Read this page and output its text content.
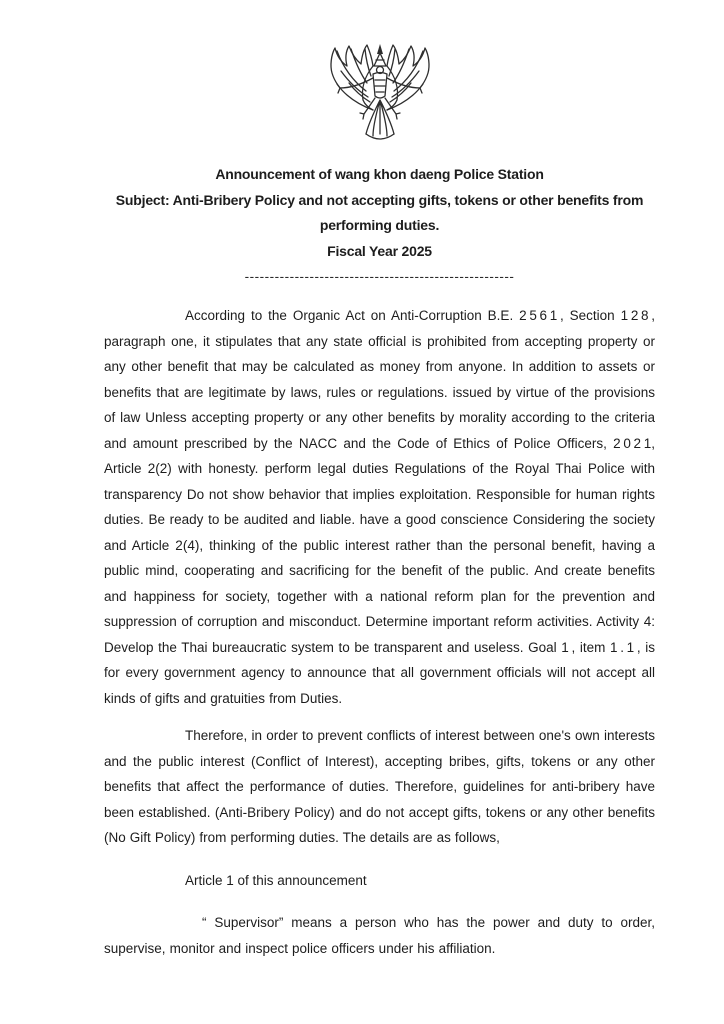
Announcement of wang khon daeng Police Station
Subject: Anti-Bribery Policy and not accepting gifts, tokens or other benefits from
performing duties.
Fiscal Year 2025
------------------------------------------------------

According to the Organic Act on Anti-Corruption B.E. 2 5 6 1 , Section 1 2 8 , paragraph one, it stipulates that any state official is prohibited from accepting property or any other benefit that may be calculated as money from anyone. In addition to assets or benefits that are legitimate by laws, rules or regulations. issued by virtue of the provisions of law Unless accepting property or any other benefits by morality according to the criteria and amount prescribed by the NACC and the Code of Ethics of Police Officers, 2 0 2 1, Article 2(2) with honesty. perform legal duties Regulations of the Royal Thai Police with transparency Do not show behavior that implies exploitation. Responsible for human rights duties. Be ready to be audited and liable. have a good conscience Considering the society and Article 2(4), thinking of the public interest rather than the personal benefit, having a public mind, cooperating and sacrificing for the benefit of the public. And create benefits and happiness for society, together with a national reform plan for the prevention and suppression of corruption and misconduct. Determine important reform activities. Activity 4: Develop the Thai bureaucratic system to be transparent and useless. Goal 1 , item 1 . 1 , is for every government agency to announce that all government officials will not accept all kinds of gifts and gratuities from Duties.

Therefore, in order to prevent conflicts of interest between one's own interests and the public interest (Conflict of Interest), accepting bribes, gifts, tokens or any other benefits that affect the performance of duties. Therefore, guidelines for anti-bribery have been established. (Anti-Bribery Policy) and do not accept gifts, tokens or any other benefits (No Gift Policy) from performing duties. The details are as follows,

Article 1 of this announcement

“ Supervisor” means a person who has the power and duty to order, supervise, monitor and inspect police officers under his affiliation.
